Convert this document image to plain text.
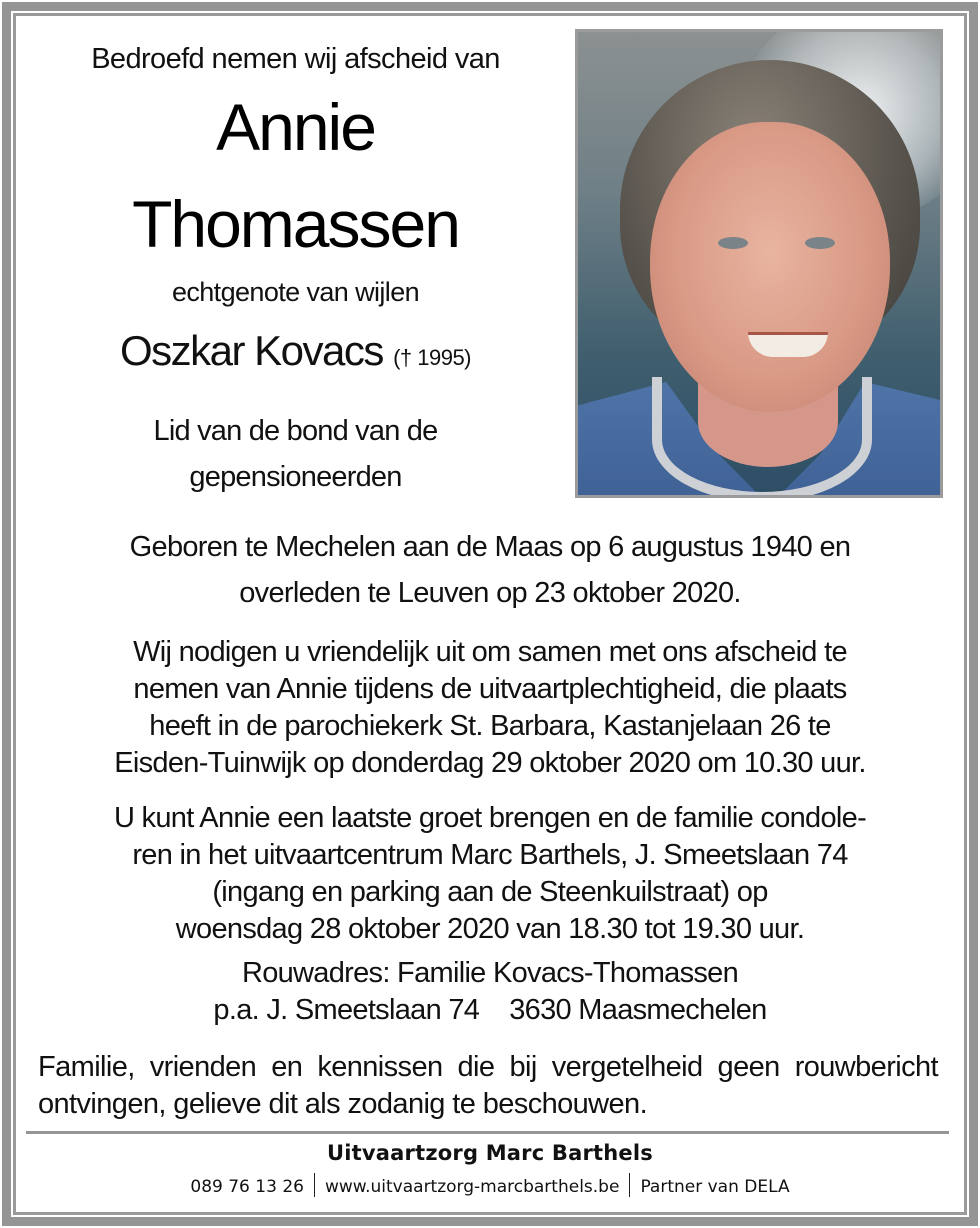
Bedroefd nemen wij afscheid van
Annie
Thomassen
echtgenote van wijlen
Oszkar Kovacs († 1995)
Lid van de bond van de
gepensioneerden
Geboren te Mechelen aan de Maas op 6 augustus 1940 en
overleden te Leuven op 23 oktober 2020.
Wij nodigen u vriendelijk uit om samen met ons afscheid te
nemen van Annie tijdens de uitvaartplechtigheid, die plaats
heeft in de parochiekerk St. Barbara, Kastanjelaan 26 te
Eisden-Tuinwijk op donderdag 29 oktober 2020 om 10.30 uur.
U kunt Annie een laatste groet brengen en de familie condole-
ren in het uitvaartcentrum Marc Barthels, J. Smeetslaan 74
(ingang en parking aan de Steenkuilstraat) op
woensdag 28 oktober 2020 van 18.30 tot 19.30 uur.
Rouwadres: Familie Kovacs-Thomassen
p.a. J. Smeetslaan 74 3630 Maasmechelen
Familie, vrienden en kennissen die bij vergetelheid geen rouwbericht ontvingen, gelieve dit als zodanig te beschouwen.
Uitvaartzorg Marc Barthels
089 76 13 26 www.uitvaartzorg-marcbarthels.be Partner van DELA
